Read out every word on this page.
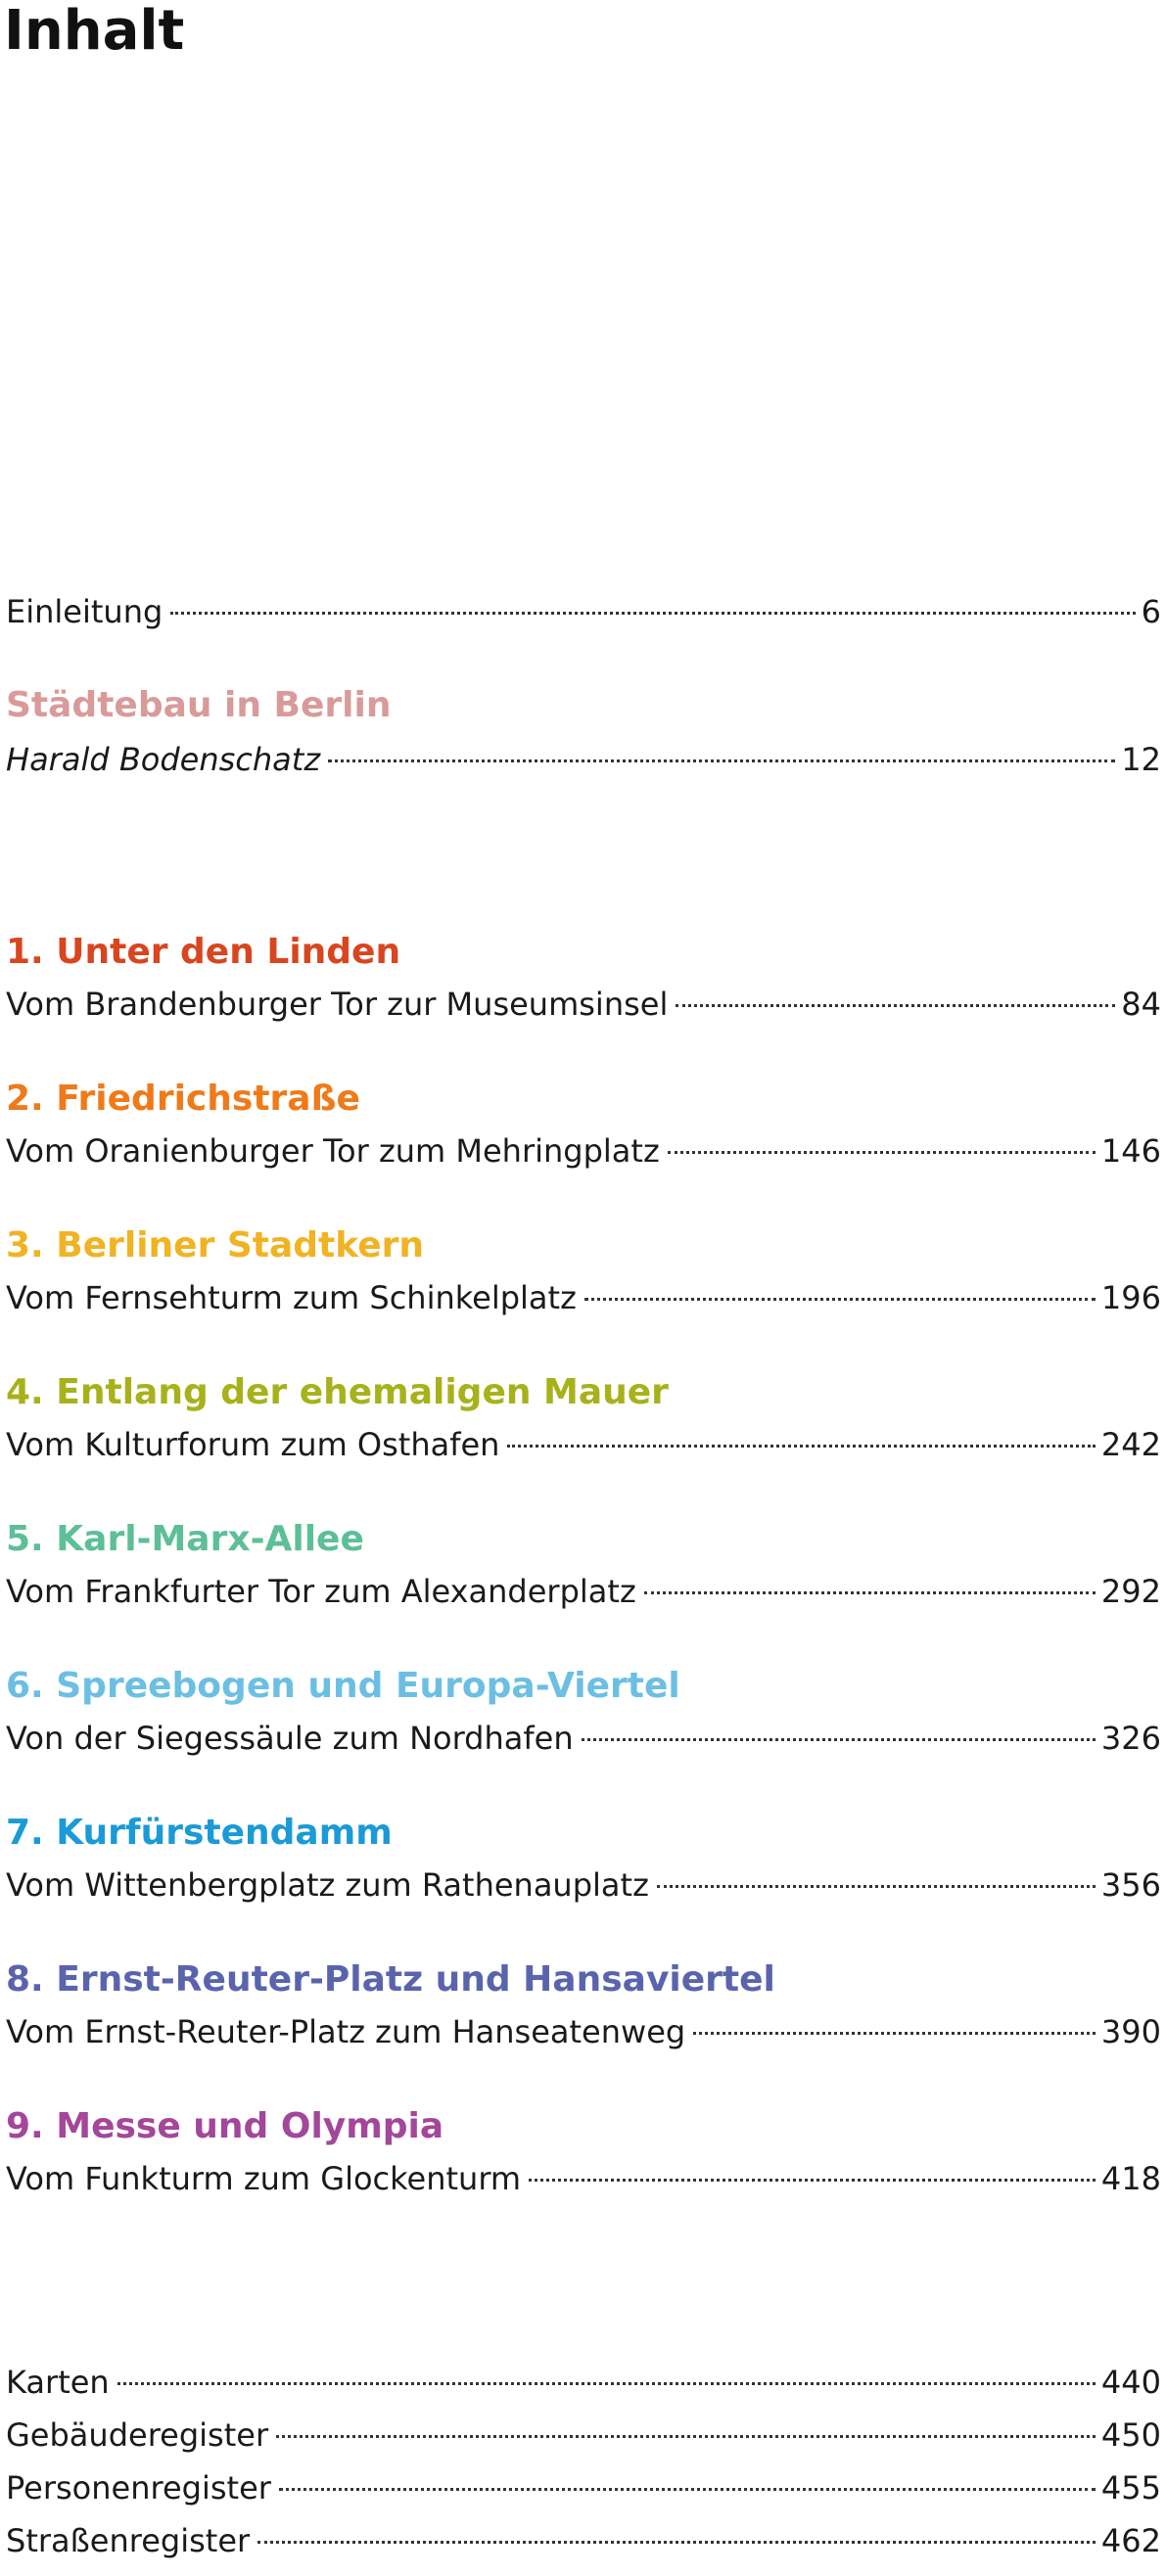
Inhalt
Einleitung	6
Städtebau in Berlin
Harald Bodenschatz	12
1. Unter den Linden
Vom Brandenburger Tor zur Museumsinsel	84
2. Friedrichstraße
Vom Oranienburger Tor zum Mehringplatz	146
3. Berliner Stadtkern
Vom Fernsehturm zum Schinkelplatz	196
4. Entlang der ehemaligen Mauer
Vom Kulturforum zum Osthafen	242
5. Karl-Marx-Allee
Vom Frankfurter Tor zum Alexanderplatz	292
6. Spreebogen und Europa-Viertel
Von der Siegessäule zum Nordhafen	326
7. Kurfürstendamm
Vom Wittenbergplatz zum Rathenauplatz	356
8. Ernst-Reuter-Platz und Hansaviertel
Vom Ernst-Reuter-Platz zum Hanseatenweg	390
9. Messe und Olympia
Vom Funkturm zum Glockenturm	418
Karten	440
Gebäuderegister	450
Personenregister	455
Straßenregister	462
